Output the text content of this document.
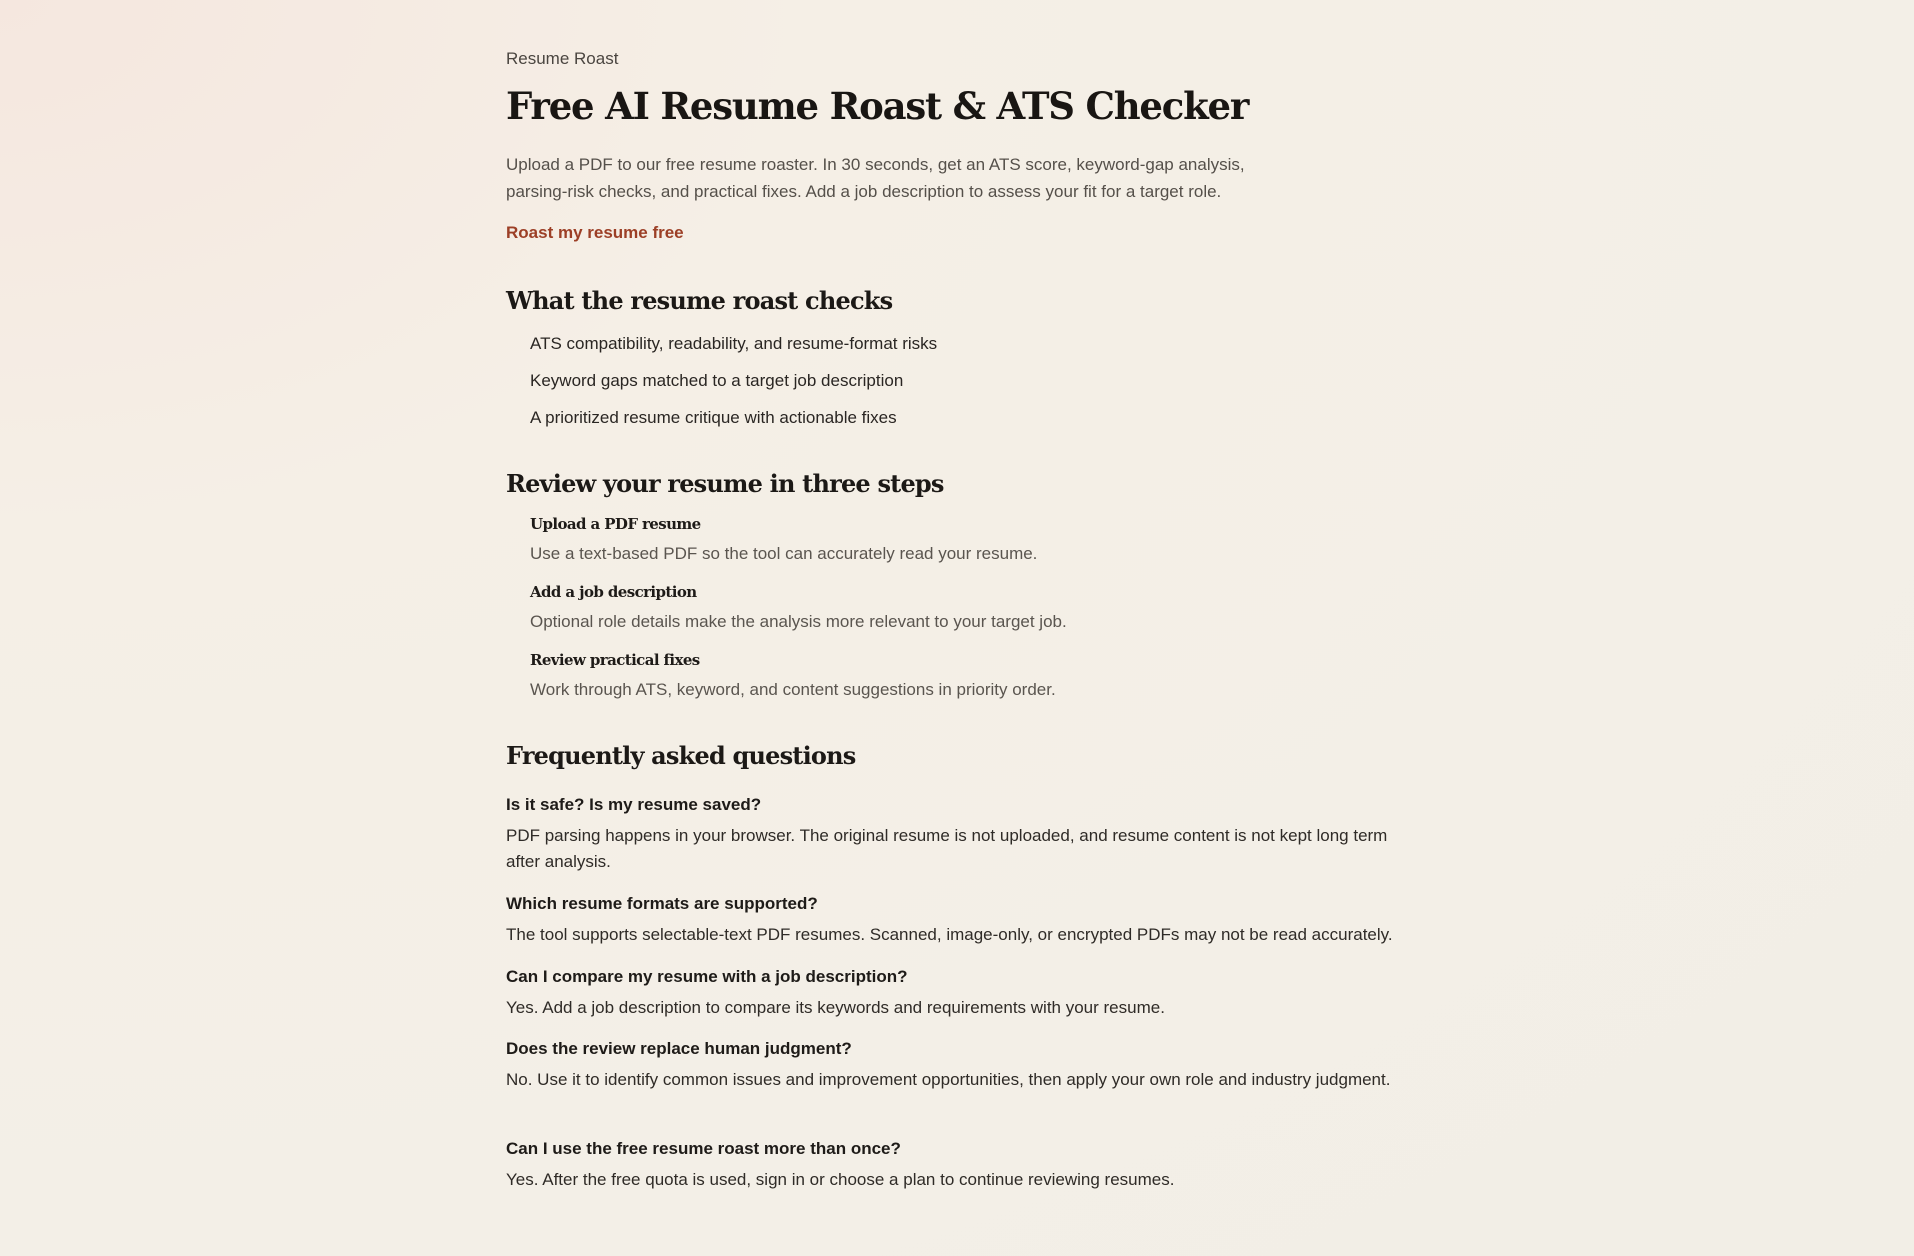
Resume Roast

Free AI Resume Roast & ATS Checker

Upload a PDF to our free resume roaster. In 30 seconds, get an ATS score, keyword-gap analysis, parsing-risk checks, and practical fixes. Add a job description to assess your fit for a target role.

Roast my resume free
What the resume roast checks
ATS compatibility, readability, and resume-format risks
Keyword gaps matched to a target job description
A prioritized resume critique with actionable fixes
Review your resume in three steps
Upload a PDF resume
Use a text-based PDF so the tool can accurately read your resume.
Add a job description
Optional role details make the analysis more relevant to your target job.
Review practical fixes
Work through ATS, keyword, and content suggestions in priority order.
Frequently asked questions
Is it safe? Is my resume saved?
PDF parsing happens in your browser. The original resume is not uploaded, and resume content is not kept long term after analysis.
Which resume formats are supported?
The tool supports selectable-text PDF resumes. Scanned, image-only, or encrypted PDFs may not be read accurately.
Can I compare my resume with a job description?
Yes. Add a job description to compare its keywords and requirements with your resume.
Does the review replace human judgment?
No. Use it to identify common issues and improvement opportunities, then apply your own role and industry judgment.
Can I use the free resume roast more than once?
Yes. After the free quota is used, sign in or choose a plan to continue reviewing resumes.
